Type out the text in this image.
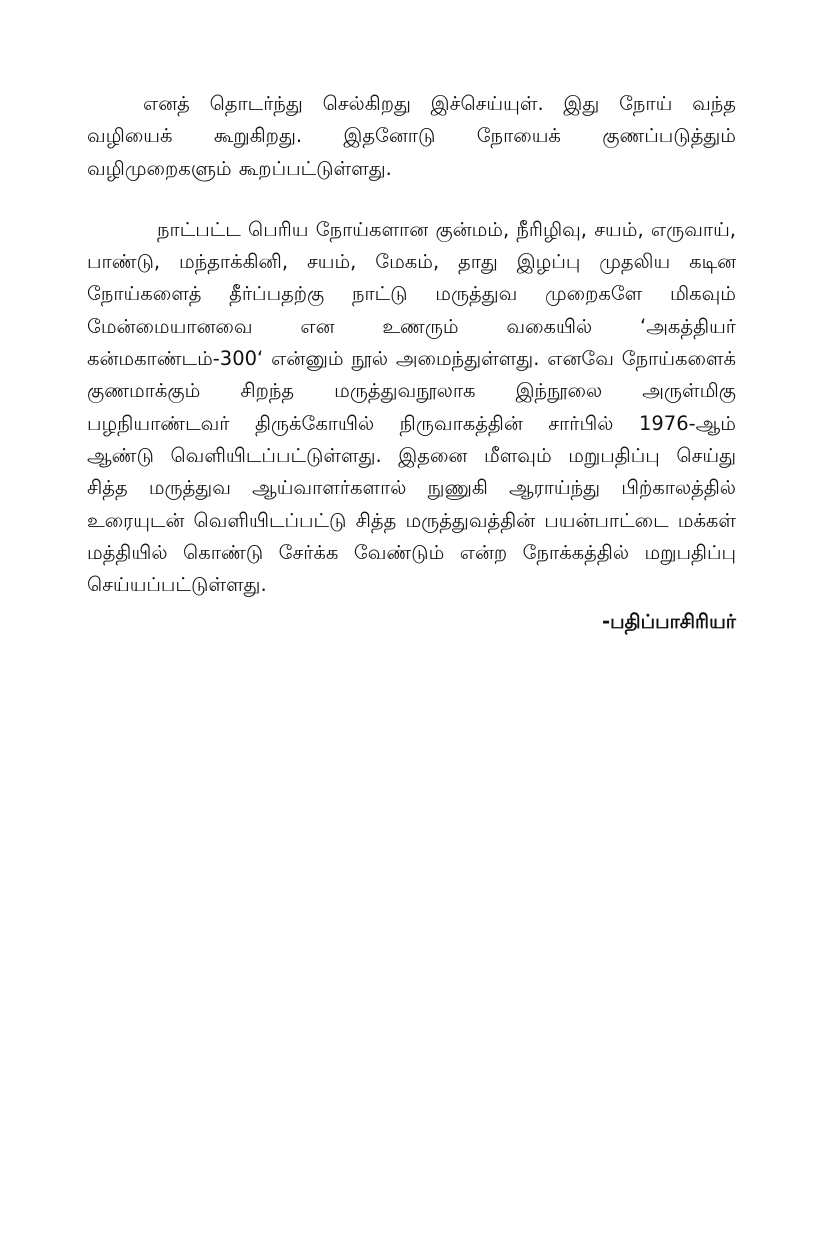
எனத் தொடர்ந்து செல்கிறது இச்செய்யுள். இது நோய் வந்த வழியைக் கூறுகிறது. இதனோடு நோயைக் குணப்படுத்தும் வழிமுறைகளும் கூறப்பட்டுள்ளது.

நாட்பட்ட பெரிய நோய்களான குன்மம், நீரிழிவு, சயம், எருவாய், பாண்டு, மந்தாக்கினி, சயம், மேகம், தாது இழப்பு முதலிய கடின நோய்களைத் தீர்ப்பதற்கு நாட்டு மருத்துவ முறைகளே மிகவும் மேன்மையானவை என உணரும் வகையில் ‘அகத்தியர் கன்மகாண்டம்-300‘ என்னும் நூல் அமைந்துள்ளது. எனவே நோய்களைக் குணமாக்கும் சிறந்த மருத்துவநூலாக இந்நூலை அருள்மிகு பழநியாண்டவர் திருக்கோயில் நிருவாகத்தின் சார்பில் 1976-ஆம் ஆண்டு வெளியிடப்பட்டுள்ளது. இதனை மீளவும் மறுபதிப்பு செய்து சித்த மருத்துவ ஆய்வாளர்களால் நுணுகி ஆராய்ந்து பிற்காலத்தில் உரையுடன் வெளியிடப்பட்டு சித்த மருத்துவத்தின் பயன்பாட்டை மக்கள் மத்தியில் கொண்டு சேர்க்க வேண்டும் என்ற நோக்கத்தில் மறுபதிப்பு செய்யப்பட்டுள்ளது.

-பதிப்பாசிரியர்
